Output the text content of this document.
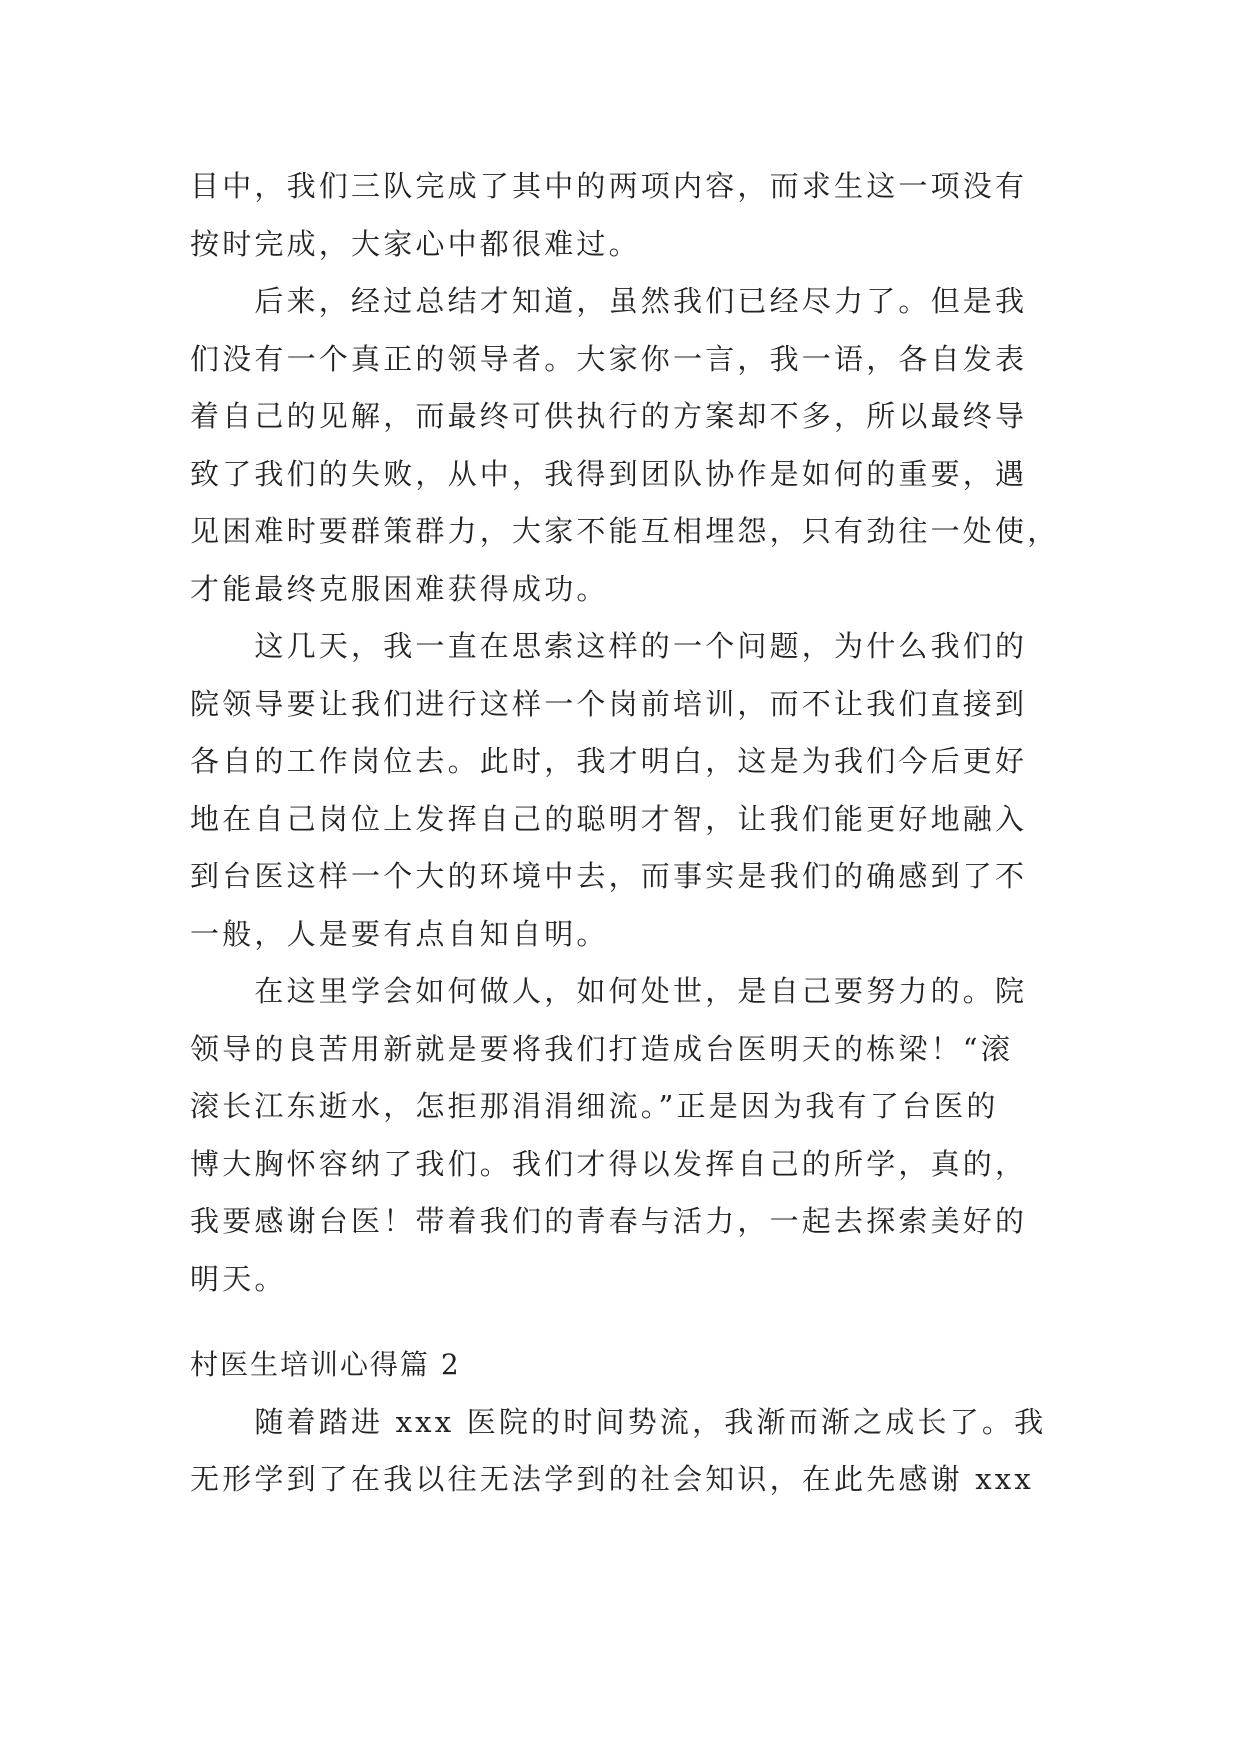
目中，我们三队完成了其中的两项内容，而求生这一项没有
按时完成，大家心中都很难过。

　　后来，经过总结才知道，虽然我们已经尽力了。但是我
们没有一个真正的领导者。大家你一言，我一语，各自发表
着自己的见解，而最终可供执行的方案却不多，所以最终导
致了我们的失败，从中，我得到团队协作是如何的重要，遇
见困难时要群策群力，大家不能互相埋怨，只有劲往一处使，
才能最终克服困难获得成功。

　　这几天，我一直在思索这样的一个问题，为什么我们的
院领导要让我们进行这样一个岗前培训，而不让我们直接到
各自的工作岗位去。此时，我才明白，这是为我们今后更好
地在自己岗位上发挥自己的聪明才智，让我们能更好地融入
到台医这样一个大的环境中去，而事实是我们的确感到了不
一般，人是要有点自知自明。

　　在这里学会如何做人，如何处世，是自己要努力的。院
领导的良苦用新就是要将我们打造成台医明天的栋梁！“滚
滚长江东逝水，怎拒那涓涓细流。”正是因为我有了台医的
博大胸怀容纳了我们。我们才得以发挥自己的所学，真的，
我要感谢台医！带着我们的青春与活力，一起去探索美好的
明天。

村医生培训心得篇 2

　　随着踏进 xxx 医院的时间势流，我渐而渐之成长了。我
无形学到了在我以往无法学到的社会知识，在此先感谢 xxx
